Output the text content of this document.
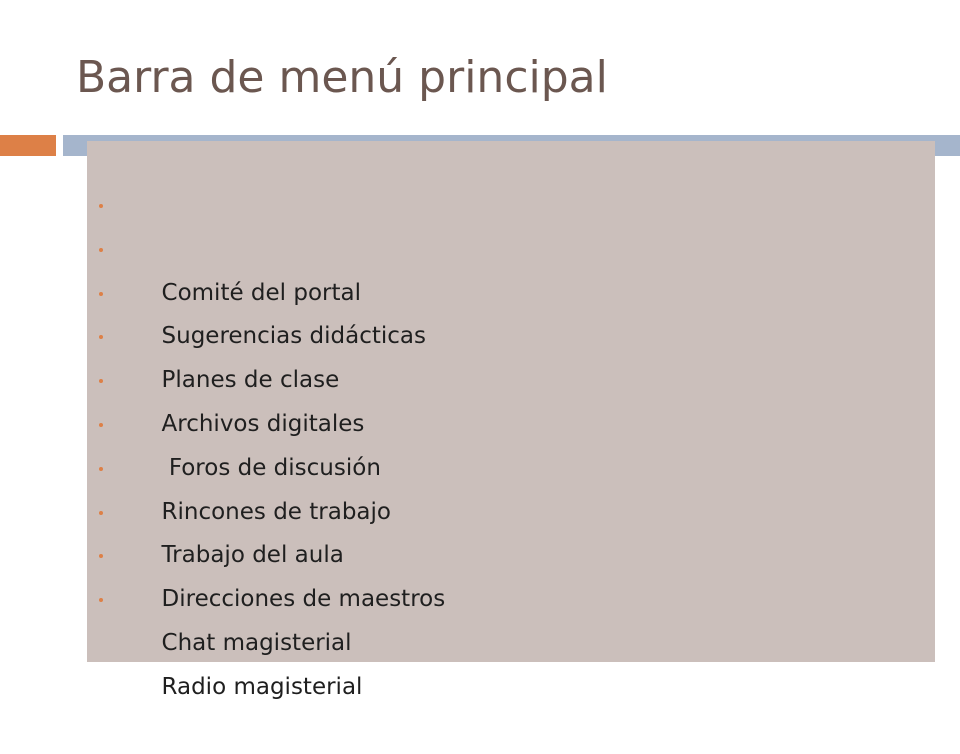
Barra de menú principal

Comité del portal

Sugerencias didácticas

Planes de clase

Archivos digitales

Foros de discusión

Rincones de trabajo

Trabajo del aula

Direcciones de maestros

Chat magisterial

Radio magisterial
